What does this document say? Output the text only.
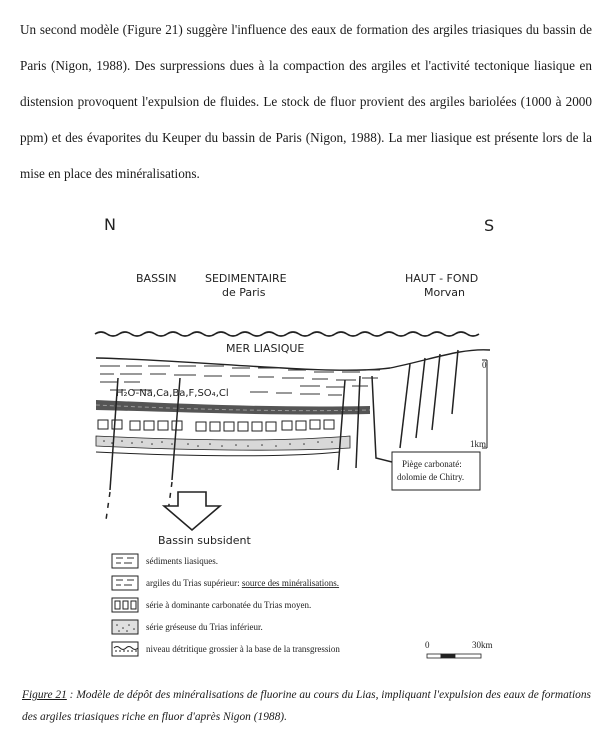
Un second modèle (Figure 21) suggère l'influence des eaux de formation des argiles triasiques du bassin de Paris (Nigon, 1988). Des surpressions dues à la compaction des argiles et l'activité tectonique liasique en distension provoquent l'expulsion de fluides. Le stock de fluor provient des argiles bariolées (1000 à 2000 ppm) et des évaporites du Keuper du bassin de Paris (Nigon, 1988). La mer liasique est présente lors de la mise en place des minéralisations.

N	S
BASSIN	SEDIMENTAIRE
de Paris
HAUT - FOND
Morvan
MER LIASIQUE
H₂O-Na,Ca,Ba,F,SO₄,Cl
0
1km
Piège carbonaté:
dolomie de Chitry.
Bassin subsident
sédiments liasiques.
argiles du Trias supérieur: source des minéralisations.
série à dominante carbonatée du Trias moyen.
série gréseuse du Trias inférieur.
niveau détritique grossier à la base de la transgression	0	30km

Figure 21 : Modèle de dépôt des minéralisations de fluorine au cours du Lias, impliquant l'expulsion des eaux de formations des argiles triasiques riche en fluor d'après Nigon (1988).
